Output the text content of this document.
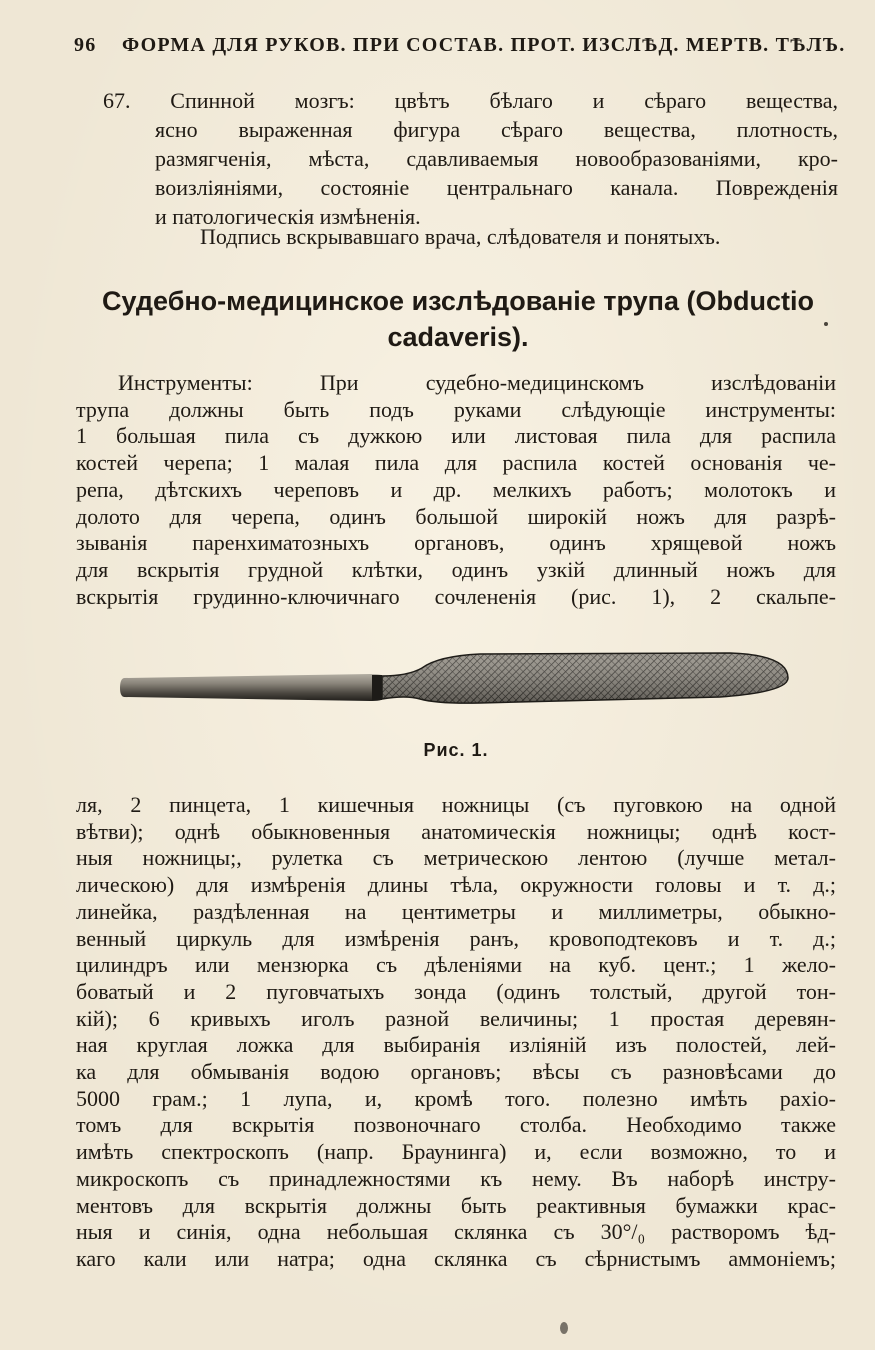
96 ФОРМА ДЛЯ РУКОВ. ПРИ СОСТАВ. ПРОТ. ИЗСЛѢД. МЕРТВ. ТѢЛЪ.
67. Спинной мозгъ: цвѣтъ бѣлаго и сѣраго вещества,
ясно выраженная фигура сѣраго вещества, плотность,
размягченія, мѣста, сдавливаемыя новообразованіями, кро-
воизліяніями, состояніе центральнаго канала. Поврежденія
и патологическія измѣненія.
Подпись вскрывавшаго врача, слѣдователя и понятыхъ.
Судебно-медицинское изслѣдованіе трупа (Obductio
cadaveris).
Инструменты: При судебно-медицинскомъ изслѣдованіи
трупа должны быть подъ руками слѣдующіе инструменты:
1 большая пила съ дужкою или листовая пила для распила
костей черепа; 1 малая пила для распила костей основанія че-
репа, дѣтскихъ череповъ и др. мелкихъ работъ; молотокъ и
долото для черепа, одинъ большой широкій ножъ для разрѣ-
зыванія паренхиматозныхъ органовъ, одинъ хрящевой ножъ
для вскрытія грудной клѣтки, одинъ узкій длинный ножъ для
вскрытія грудинно-ключичнаго сочлененія (рис. 1), 2 скальпе-
Рис. 1.
ля, 2 пинцета, 1 кишечныя ножницы (съ пуговкою на одной
вѣтви); однѣ обыкновенныя анатомическія ножницы; однѣ кост-
ныя ножницы;, рулетка съ метрическою лентою (лучше метал-
лическою) для измѣренія длины тѣла, окружности головы и т. д.;
линейка, раздѣленная на центиметры и миллиметры, обыкно-
венный циркуль для измѣренія ранъ, кровоподтековъ и т. д.;
цилиндръ или мензюрка съ дѣленіями на куб. цент.; 1 жело-
боватый и 2 пуговчатыхъ зонда (одинъ толстый, другой тон-
кій); 6 кривыхъ иголъ разной величины; 1 простая деревян-
ная круглая ложка для выбиранія изліяній изъ полостей, лей-
ка для обмыванія водою органовъ; вѣсы съ разновѣсами до
5000 грам.; 1 лупа, и, кромѣ того. полезно имѣть рахіо-
томъ для вскрытія позвоночнаго столба. Необходимо также
имѣть спектроскопъ (напр. Браунинга) и, если возможно, то и
микроскопъ съ принадлежностями къ нему. Въ наборѣ инстру-
ментовъ для вскрытія должны быть реактивныя бумажки крас-
ныя и синія, одна небольшая склянка съ 30°/₀ растворомъ ѣд-
каго кали или натра; одна склянка съ сѣрнистымъ аммоніемъ;
